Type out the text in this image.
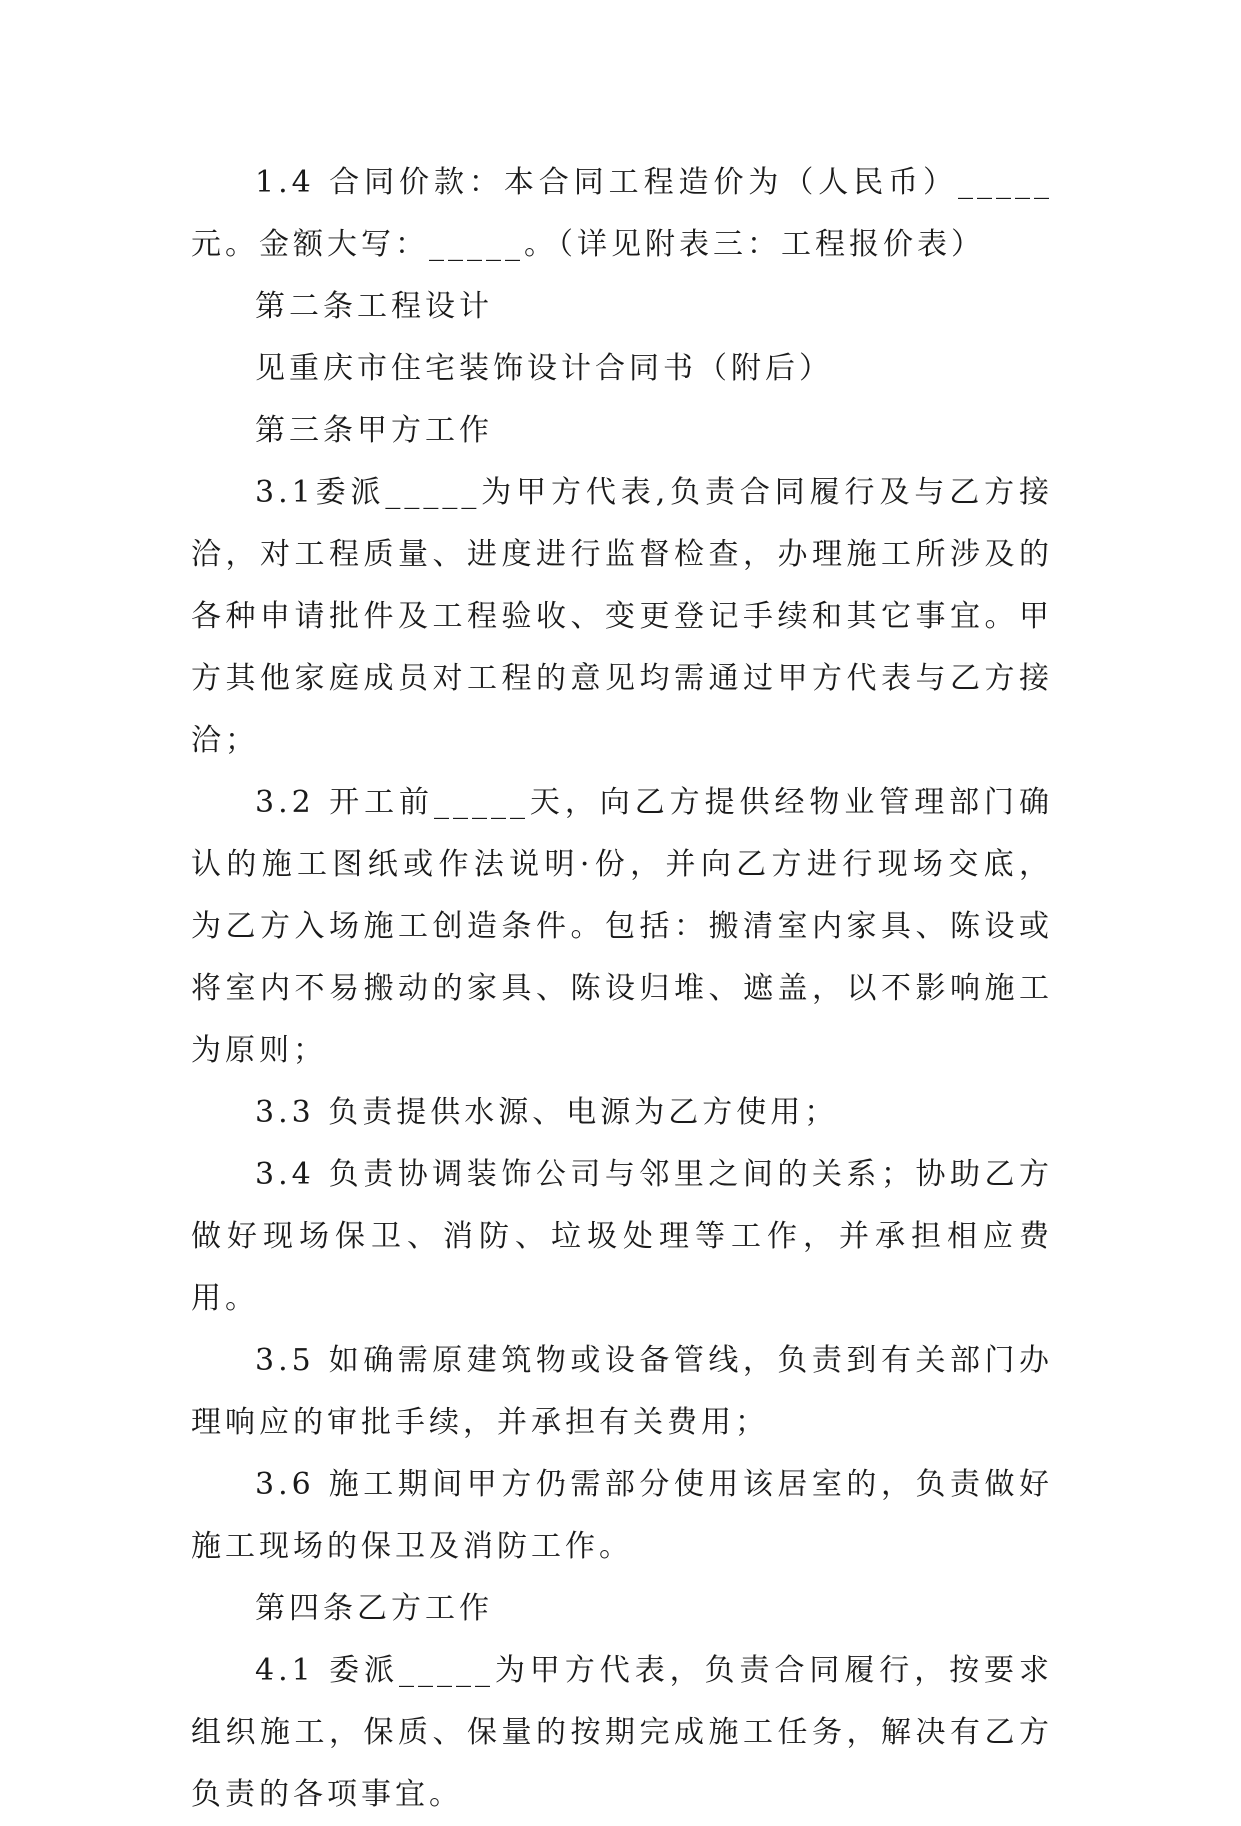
1.4 合同价款：本合同工程造价为（人民币）_____元。金额大写：_____。（详见附表三：工程报价表）

第二条工程设计

见重庆市住宅装饰设计合同书（附后）

第三条甲方工作

3.1委派_____为甲方代表,负责合同履行及与乙方接洽，对工程质量、进度进行监督检查，办理施工所涉及的各种申请批件及工程验收、变更登记手续和其它事宜。甲方其他家庭成员对工程的意见均需通过甲方代表与乙方接洽；

3.2 开工前_____天，向乙方提供经物业管理部门确认的施工图纸或作法说明·份，并向乙方进行现场交底，为乙方入场施工创造条件。包括：搬清室内家具、陈设或将室内不易搬动的家具、陈设归堆、遮盖，以不影响施工为原则；

3.3 负责提供水源、电源为乙方使用；

3.4 负责协调装饰公司与邻里之间的关系；协助乙方做好现场保卫、消防、垃圾处理等工作，并承担相应费用。

3.5 如确需原建筑物或设备管线，负责到有关部门办理响应的审批手续，并承担有关费用；

3.6 施工期间甲方仍需部分使用该居室的，负责做好施工现场的保卫及消防工作。

第四条乙方工作

4.1 委派_____为甲方代表，负责合同履行，按要求组织施工，保质、保量的按期完成施工任务，解决有乙方负责的各项事宜。
